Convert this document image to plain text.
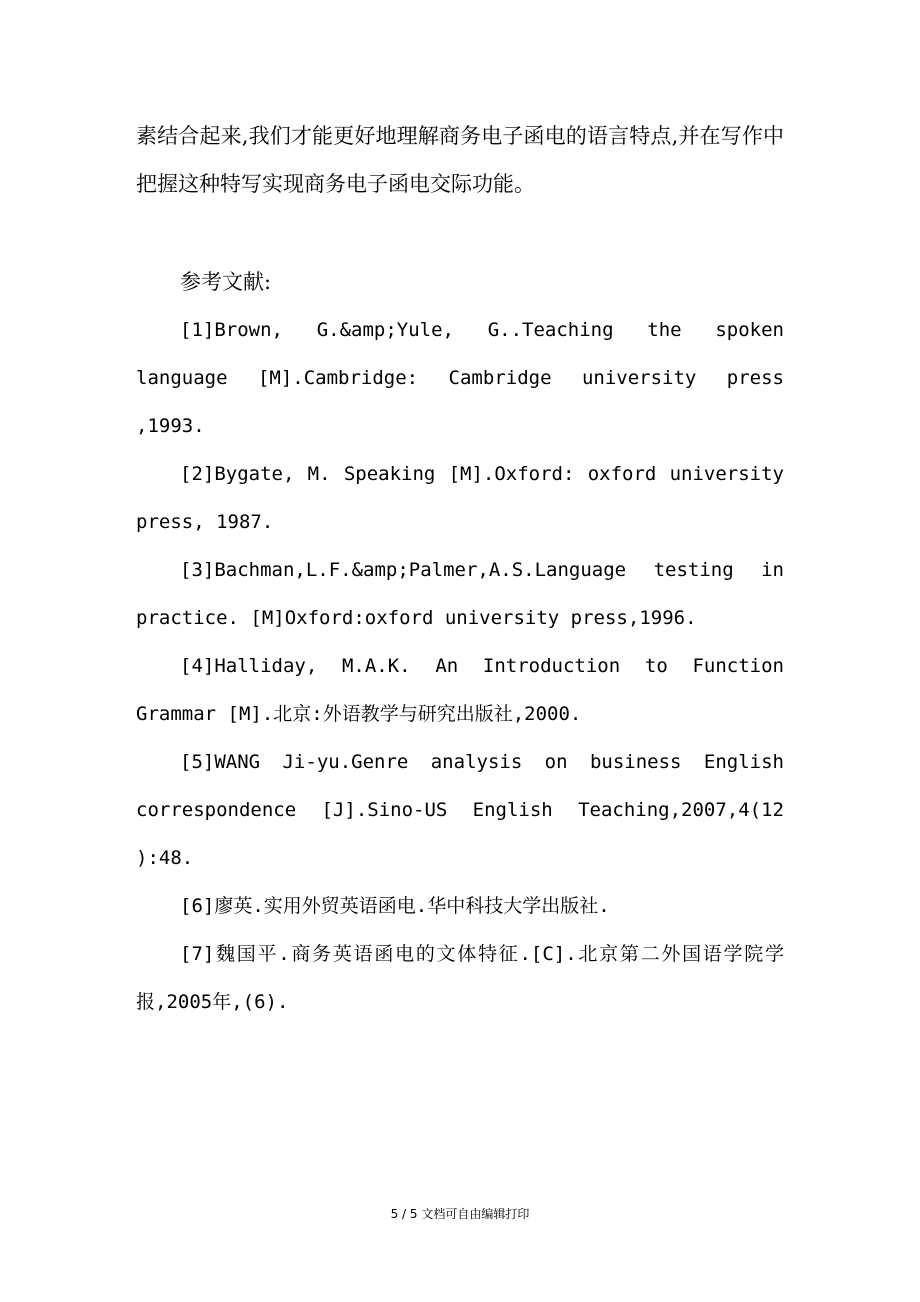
素结合起来,我们才能更好地理解商务电子函电的语言特点,并在写作中把握这种特写实现商务电子函电交际功能。

参考文献:

[1]Brown, G.&amp;Yule, G..Teaching the spoken language [M].Cambridge: Cambridge university press ,1993.

[2]Bygate, M. Speaking [M].Oxford: oxford university press, 1987.

[3]Bachman,L.F.&amp;Palmer,A.S.Language testing in practice. [M]Oxford:oxford university press,1996.

[4]Halliday, M.A.K. An Introduction to Function Grammar [M].北京:外语教学与研究出版社,2000.

[5]WANG Ji-yu.Genre analysis on business English correspondence [J].Sino-US English Teaching,2007,4(12 ):48.

[6]廖英.实用外贸英语函电.华中科技大学出版社.

[7]魏国平.商务英语函电的文体特征.[C].北京第二外国语学院学报,2005年,(6).

5 / 5 文档可自由编辑打印
